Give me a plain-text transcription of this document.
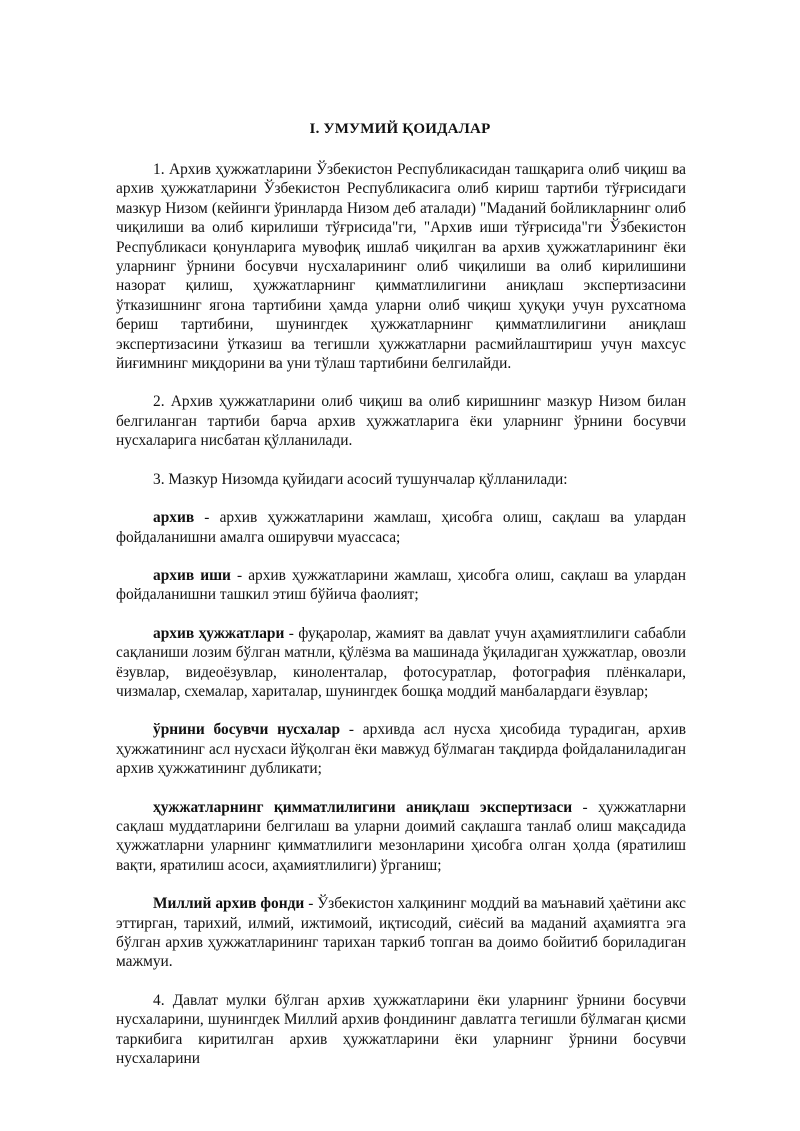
I. УМУМИЙ ҚОИДАЛАР

1. Архив ҳужжатларини Ўзбекистон Республикасидан ташқарига олиб чиқиш ва архив ҳужжатларини Ўзбекистон Республикасига олиб кириш тартиби тўғрисидаги мазкур Низом (кейинги ўринларда Низом деб аталади) "Маданий бойликларнинг олиб чиқилиши ва олиб кирилиши тўғрисида"ги, "Архив иши тўғрисида"ги Ўзбекистон Республикаси қонунларига мувофиқ ишлаб чиқилган ва архив ҳужжатларининг ёки уларнинг ўрнини босувчи нусхаларининг олиб чиқилиши ва олиб кирилишини назорат қилиш, ҳужжатларнинг қимматлилигини аниқлаш экспертизасини ўтказишнинг ягона тартибини ҳамда уларни олиб чиқиш ҳуқуқи учун рухсатнома бериш тартибини, шунингдек ҳужжатларнинг қимматлилигини аниқлаш экспертизасини ўтказиш ва тегишли ҳужжатларни расмийлаштириш учун махсус йиғимнинг миқдорини ва уни тўлаш тартибини белгилайди.

2. Архив ҳужжатларини олиб чиқиш ва олиб киришнинг мазкур Низом билан белгиланган тартиби барча архив ҳужжатларига ёки уларнинг ўрнини босувчи нусхаларига нисбатан қўлланилади.

3. Мазкур Низомда қуйидаги асосий тушунчалар қўлланилади:

архив - архив ҳужжатларини жамлаш, ҳисобга олиш, сақлаш ва улардан фойдаланишни амалга оширувчи муассаса;

архив иши - архив ҳужжатларини жамлаш, ҳисобга олиш, сақлаш ва улардан фойдаланишни ташкил этиш бўйича фаолият;

архив ҳужжатлари - фуқаролар, жамият ва давлат учун аҳамиятлилиги сабабли сақланиши лозим бўлган матнли, қўлёзма ва машинада ўқиладиган ҳужжатлар, овозли ёзувлар, видеоёзувлар, киноленталар, фотосуратлар, фотография плёнкалари, чизмалар, схемалар, хариталар, шунингдек бошқа моддий манбалардаги ёзувлар;

ўрнини босувчи нусхалар - архивда асл нусха ҳисобида турадиган, архив ҳужжатининг асл нусхаси йўқолган ёки мавжуд бўлмаган тақдирда фойдаланиладиган архив ҳужжатининг дубликати;

ҳужжатларнинг қимматлилигини аниқлаш экспертизаси - ҳужжатларни сақлаш муддатларини белгилаш ва уларни доимий сақлашга танлаб олиш мақсадида ҳужжатларни уларнинг қимматлилиги мезонларини ҳисобга олган ҳолда (яратилиш вақти, яратилиш асоси, аҳамиятлилиги) ўрганиш;

Миллий архив фонди - Ўзбекистон халқининг моддий ва маънавий ҳаётини акс эттирган, тарихий, илмий, ижтимоий, иқтисодий, сиёсий ва маданий аҳамиятга эга бўлган архив ҳужжатларининг тарихан таркиб топган ва доимо бойитиб бориладиган мажмуи.

4. Давлат мулки бўлган архив ҳужжатларини ёки уларнинг ўрнини босувчи нусхаларини, шунингдек Миллий архив фондининг давлатга тегишли бўлмаган қисми таркибига киритилган архив ҳужжатларини ёки уларнинг ўрнини босувчи нусхаларини
